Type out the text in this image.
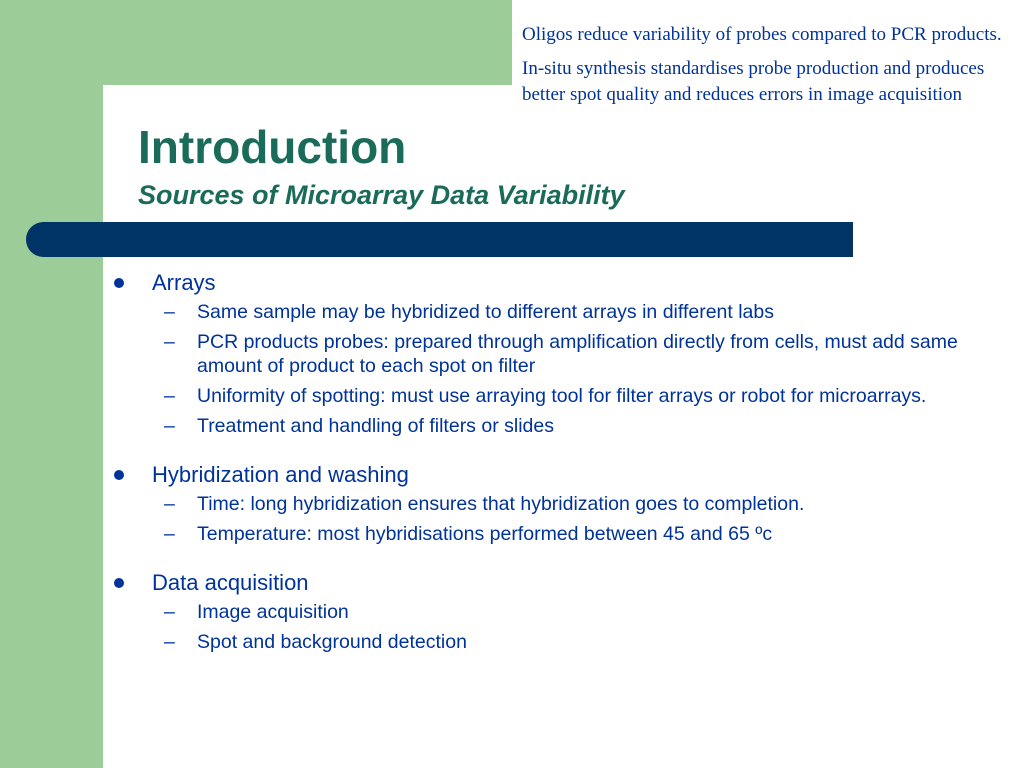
Introduction
Sources of Microarray Data Variability

Oligos reduce variability of probes compared to PCR products.

In-situ synthesis standardises probe production and produces better spot quality and reduces errors in image acquisition

Arrays
– Same sample may be hybridized to different arrays in different labs
– PCR products probes: prepared through amplification directly from cells, must add same amount of product to each spot on filter
– Uniformity of spotting: must use arraying tool for filter arrays or robot for microarrays.
– Treatment and handling of filters or slides
Hybridization and washing
– Time: long hybridization ensures that hybridization goes to completion.
– Temperature: most hybridisations performed between 45 and 65 ºc
Data acquisition
– Image acquisition
– Spot and background detection
